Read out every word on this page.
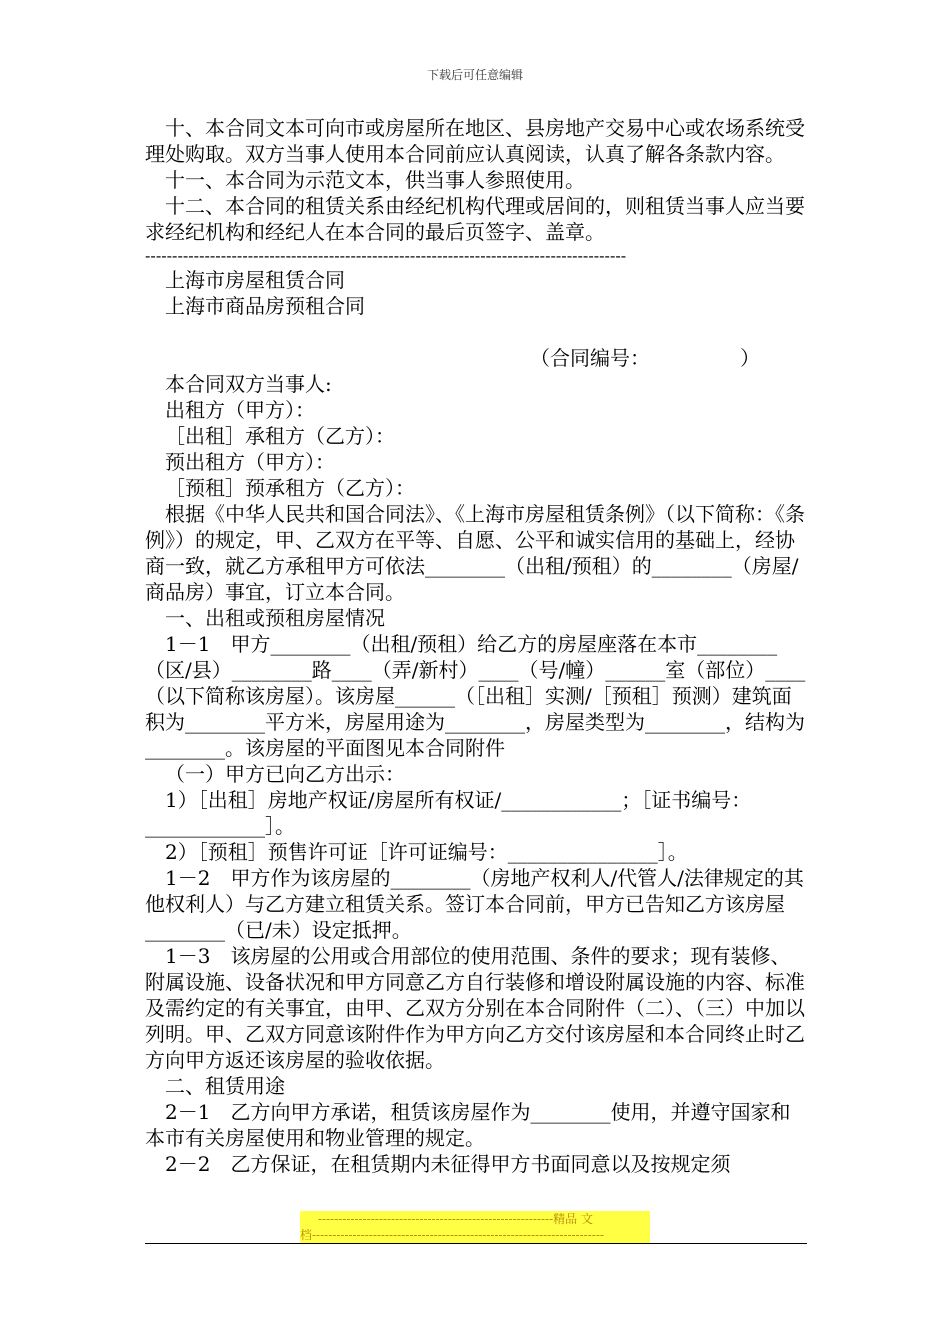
下载后可任意编辑

十、本合同文本可向市或房屋所在地区、县房地产交易中心或农场系统受理处购取。双方当事人使用本合同前应认真阅读，认真了解各条款内容。

十一、本合同为示范文本，供当事人参照使用。

十二、本合同的租赁关系由经纪机构代理或居间的，则租赁当事人应当要求经纪机构和经纪人在本合同的最后页签字、盖章。

-----------------------------------------------------------------------------------------

上海市房屋租赁合同

上海市商品房预租合同

（合同编号：　　　　　）

本合同双方当事人:

出租方（甲方）：

［出租］承租方（乙方）：

预出租方（甲方）：

［预租］预承租方（乙方）：

根据《中华人民共和国合同法》、《上海市房屋租赁条例》（以下简称：《条例》）的规定，甲、乙双方在平等、自愿、公平和诚实信用的基础上，经协商一致，就乙方承租甲方可依法________（出租/预租）的________（房屋/商品房）事宜，订立本合同。

一、出租或预租房屋情况

1－1　甲方________（出租/预租）给乙方的房屋座落在本市________（区/县）________路____（弄/新村）____（号/幢）______室（部位）____（以下简称该房屋）。该房屋______（［出租］实测/［预租］预测）建筑面积为________平方米，房屋用途为________，房屋类型为________，结构为________。该房屋的平面图见本合同附件

（一）甲方已向乙方出示：

1）［出租］房地产权证/房屋所有权证/____________；［证书编号：____________］。

2）［预租］预售许可证［许可证编号：_______________］。

1－2　甲方作为该房屋的________（房地产权利人/代管人/法律规定的其他权利人）与乙方建立租赁关系。签订本合同前，甲方已告知乙方该房屋________（已/未）设定抵押。

1－3　该房屋的公用或合用部位的使用范围、条件的要求；现有装修、附属设施、设备状况和甲方同意乙方自行装修和增设附属设施的内容、标准及需约定的有关事宜，由甲、乙双方分别在本合同附件（二）、（三）中加以列明。甲、乙双方同意该附件作为甲方向乙方交付该房屋和本合同终止时乙方向甲方返还该房屋的验收依据。

二、租赁用途

2－1　乙方向甲方承诺，租赁该房屋作为________使用，并遵守国家和本市有关房屋使用和物业管理的规定。

2－2　乙方保证，在租赁期内未征得甲方书面同意以及按规定须

----------------------------------------------------------精品 文
档------------------------------------------------------------------------
